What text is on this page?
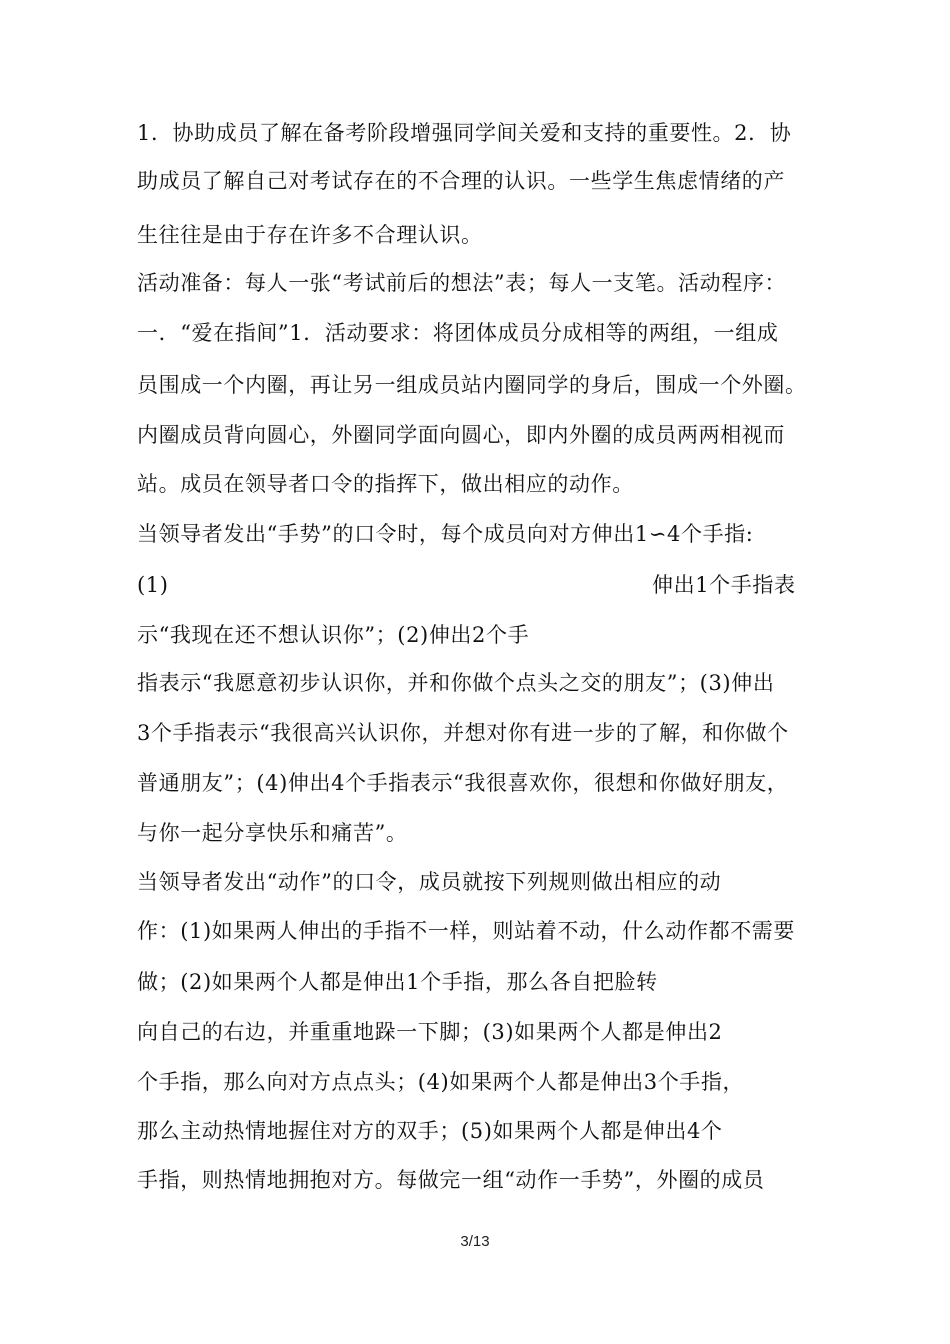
1．协助成员了解在备考阶段增强同学间关爱和支持的重要性。2．协
助成员了解自己对考试存在的不合理的认识。一些学生焦虑情绪的产
生往往是由于存在许多不合理认识。
活动准备：每人一张“考试前后的想法”表；每人一支笔。活动程序：
一．“爱在指间”1．活动要求：将团体成员分成相等的两组，一组成
员围成一个内圈，再让另一组成员站内圈同学的身后，围成一个外圈。
内圈成员背向圆心，外圈同学面向圆心，即内外圈的成员两两相视而
站。成员在领导者口令的指挥下，做出相应的动作。
当领导者发出“手势”的口令时，每个成员向对方伸出1∽4个手指:
(1)	伸出1个手指表
示“我现在还不想认识你”；(2)伸出2个手
指表示“我愿意初步认识你，并和你做个点头之交的朋友”；(3)伸出
3个手指表示“我很高兴认识你，并想对你有进一步的了解，和你做个
普通朋友”；(4)伸出4个手指表示“我很喜欢你，很想和你做好朋友，
与你一起分享快乐和痛苦”。
当领导者发出“动作”的口令，成员就按下列规则做出相应的动
作：(1)如果两人伸出的手指不一样，则站着不动，什么动作都不需要
做；(2)如果两个人都是伸出1个手指，那么各自把脸转
向自己的右边，并重重地跺一下脚；(3)如果两个人都是伸出2
个手指，那么向对方点点头；(4)如果两个人都是伸出3个手指，
那么主动热情地握住对方的双手；(5)如果两个人都是伸出4个
手指，则热情地拥抱对方。每做完一组“动作一手势”，外圈的成员
3/13
